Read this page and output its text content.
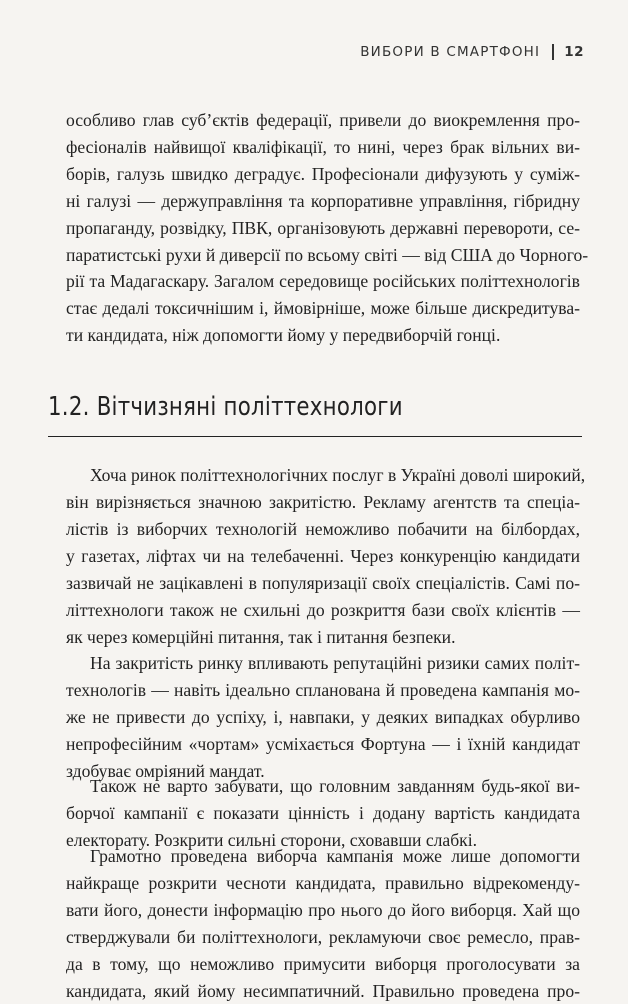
ВИБОРИ В СМАРТФОНІ 12

особливо глав суб’єктів федерації, привели до виокремлення про-
фесіоналів найвищої кваліфікації, то нині, через брак вільних ви-
борів, галузь швидко деградує. Професіонали дифузують у суміж-
ні галузі — держуправління та корпоративне управління, гібридну
пропаганду, розвідку, ПВК, організовують державні перевороти, се-
паратистські рухи й диверсії по всьому світі — від США до Чорного-
рії та Мадагаскару. Загалом середовище російських політтехнологів
стає дедалі токсичнішим і, ймовірніше, може більше дискредитува-
ти кандидата, ніж допомогти йому у передвиборчій гонці.

1.2. Вітчизняні політтехнологи

Хоча ринок політтехнологічних послуг в Україні доволі широкий,

він вирізняється значною закритістю. Рекламу агентств та спеціа-
лістів із виборчих технологій неможливо побачити на білбордах,
у газетах, ліфтах чи на телебаченні. Через конкуренцію кандидати
зазвичай не зацікавлені в популяризації своїх спеціалістів. Самі по-
літтехнологи також не схильні до розкриття бази своїх клієнтів —
як через комерційні питання, так і питання безпеки.

На закритість ринку впливають репутаційні ризики самих політ-
технологів — навіть ідеально спланована й проведена кампанія мо-
же не привести до успіху, і, навпаки, у деяких випадках обурливо
непрофесійним «чортам» усміхається Фортуна — і їхній кандидат
здобуває омріяний мандат.

Також не варто забувати, що головним завданням будь-якої ви-
борчої кампанії є показати цінність і додану вартість кандидата
електорату. Розкрити сильні сторони, сховавши слабкі.

Грамотно проведена виборча кампанія може лише допомогти
найкраще розкрити чесноти кандидата, правильно відрекоменду-
вати його, донести інформацію про нього до його виборця. Хай що
стверджували би політтехнологи, рекламуючи своє ремесло, прав-
да в тому, що неможливо примусити виборця проголосувати за
кандидата, який йому несимпатичний. Правильно проведена про-
